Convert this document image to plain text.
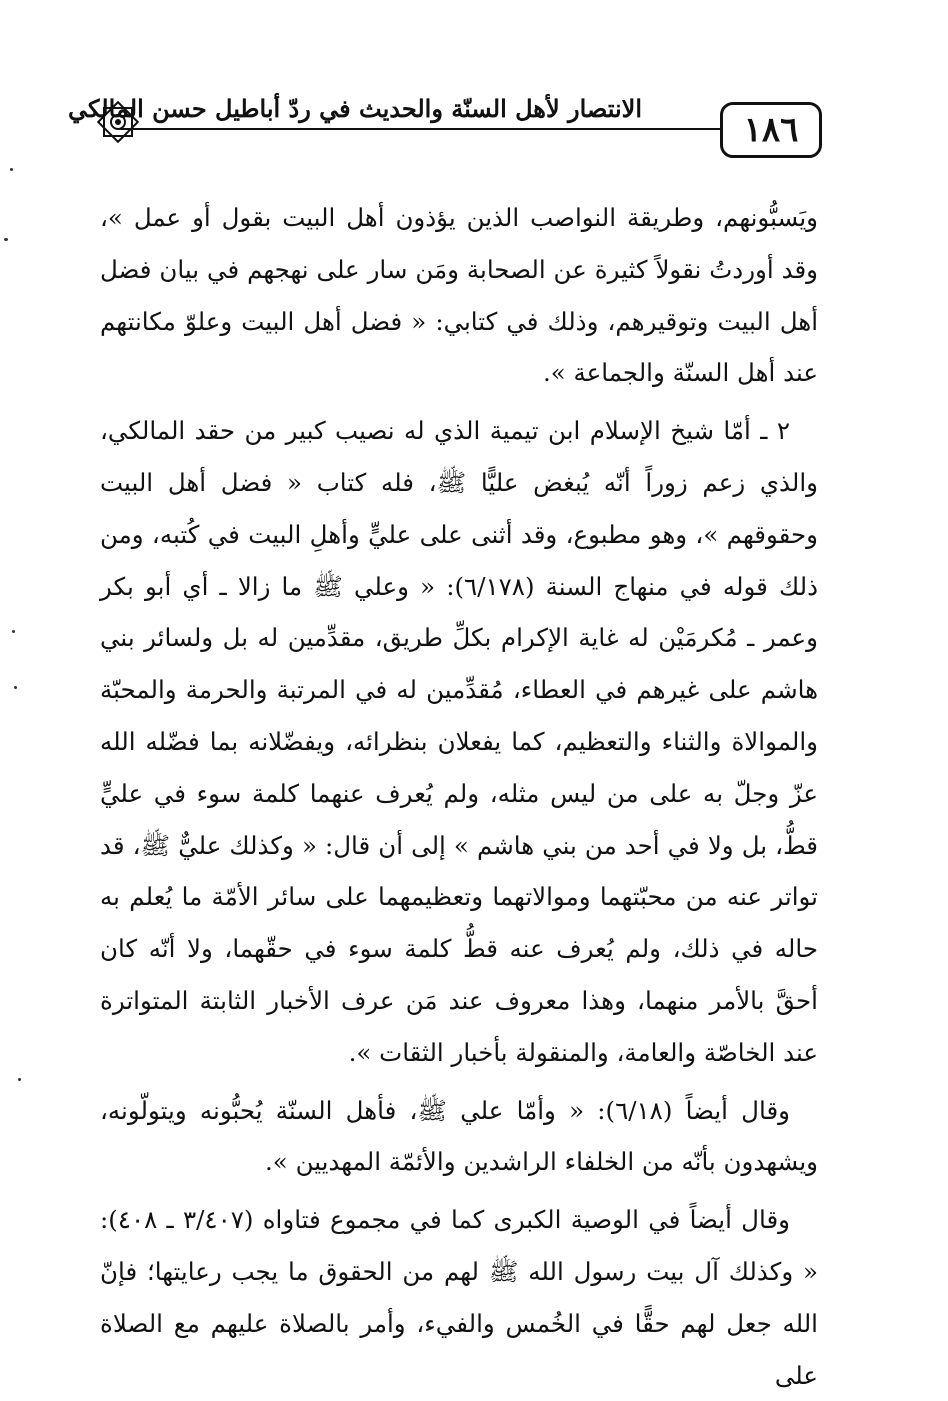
الانتصار لأهل السنّة والحديث في ردّ أباطيل حسن المالكي
١٨٦

ويَسبُّونهم، وطريقة النواصب الذين يؤذون أهل البيت بقول أو عمل »، وقد أوردتُ نقولاً كثيرة عن الصحابة ومَن سار على نهجهم في بيان فضل أهل البيت وتوقيرهم، وذلك في كتابي: « فضل أهل البيت وعلوّ مكانتهم عند أهل السنّة والجماعة ».

٢ ـ أمّا شيخ الإسلام ابن تيمية الذي له نصيب كبير من حقد المالكي، والذي زعم زوراً أنّه يُبغض عليًّا ﷺ، فله كتاب « فضل أهل البيت وحقوقهم »، وهو مطبوع، وقد أثنى على عليٍّ وأهلِ البيت في كُتبه، ومن ذلك قوله في منهاج السنة (٦/١٧٨): « وعلي ﷺ ما زالا ـ أي أبو بكر وعمر ـ مُكرمَيْن له غاية الإكرام بكلِّ طريق، مقدِّمين له بل ولسائر بني هاشم على غيرهم في العطاء، مُقدِّمين له في المرتبة والحرمة والمحبّة والموالاة والثناء والتعظيم، كما يفعلان بنظرائه، ويفضّلانه بما فضّله الله عزّ وجلّ به على من ليس مثله، ولم يُعرف عنهما كلمة سوء في عليٍّ قطُّ، بل ولا في أحد من بني هاشم » إلى أن قال: « وكذلك عليٌّ ﷺ، قد تواتر عنه من محبّتهما وموالاتهما وتعظيمهما على سائر الأمّة ما يُعلم به حاله في ذلك، ولم يُعرف عنه قطُّ كلمة سوء في حقّهما، ولا أنّه كان أحقَّ بالأمر منهما، وهذا معروف عند مَن عرف الأخبار الثابتة المتواترة عند الخاصّة والعامة، والمنقولة بأخبار الثقات ».

وقال أيضاً (٦/١٨): « وأمّا علي ﷺ، فأهل السنّة يُحبُّونه ويتولّونه، ويشهدون بأنّه من الخلفاء الراشدين والأئمّة المهديين ».

وقال أيضاً في الوصية الكبرى كما في مجموع فتاواه (٣/٤٠٧ ـ ٤٠٨): « وكذلك آل بيت رسول الله ﷺ لهم من الحقوق ما يجب رعايتها؛ فإنّ الله جعل لهم حقًّا في الخُمس والفيء، وأمر بالصلاة عليهم مع الصلاة على
